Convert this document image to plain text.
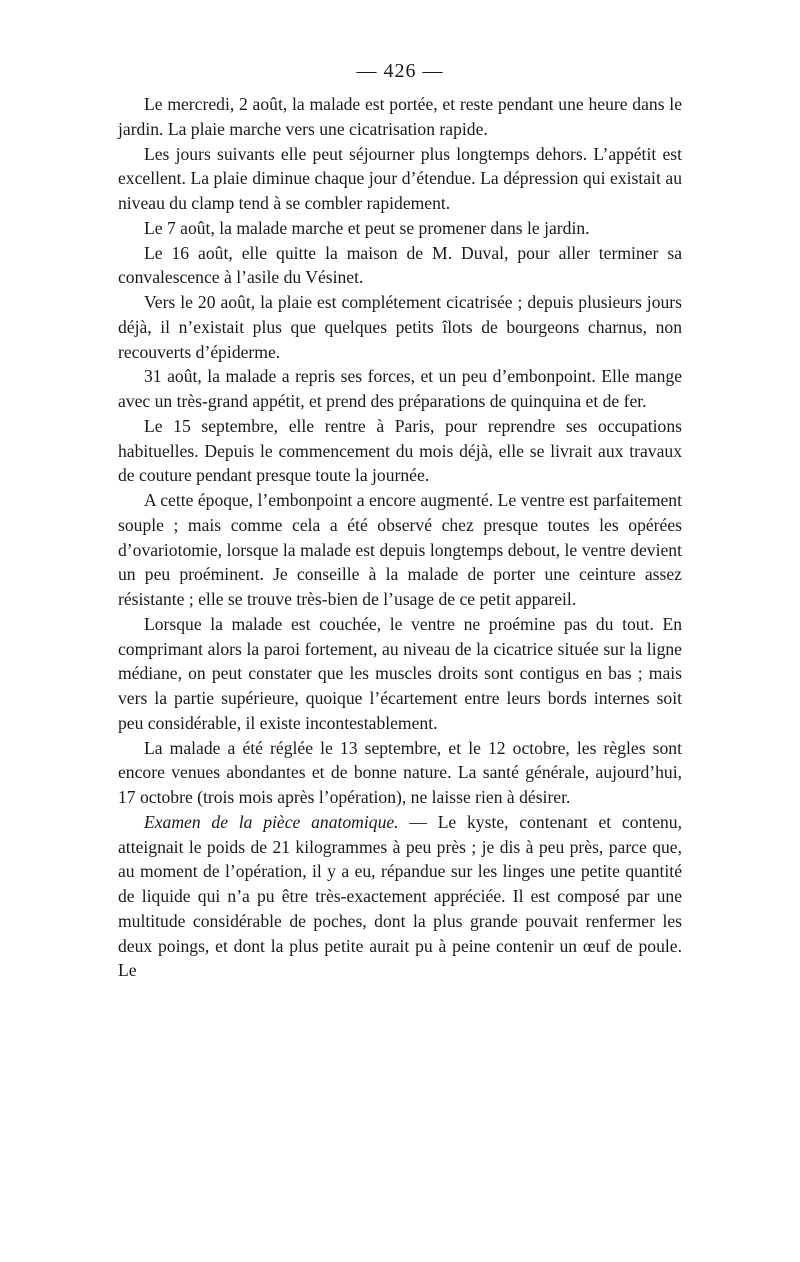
— 426 —

Le mercredi, 2 août, la malade est portée, et reste pendant une heure dans le jardin. La plaie marche vers une cicatrisation rapide.

Les jours suivants elle peut séjourner plus longtemps dehors. L’appétit est excellent. La plaie diminue chaque jour d’étendue. La dépression qui existait au niveau du clamp tend à se combler rapidement.

Le 7 août, la malade marche et peut se promener dans le jardin.

Le 16 août, elle quitte la maison de M. Duval, pour aller terminer sa convalescence à l’asile du Vésinet.

Vers le 20 août, la plaie est complétement cicatrisée ; depuis plusieurs jours déjà, il n’existait plus que quelques petits îlots de bourgeons charnus, non recouverts d’épiderme.

31 août, la malade a repris ses forces, et un peu d’embonpoint. Elle mange avec un très-grand appétit, et prend des préparations de quinquina et de fer.

Le 15 septembre, elle rentre à Paris, pour reprendre ses occupations habituelles. Depuis le commencement du mois déjà, elle se livrait aux travaux de couture pendant presque toute la journée.

A cette époque, l’embonpoint a encore augmenté. Le ventre est parfaitement souple ; mais comme cela a été observé chez presque toutes les opérées d’ovariotomie, lorsque la malade est depuis longtemps debout, le ventre devient un peu proéminent. Je conseille à la malade de porter une ceinture assez résistante ; elle se trouve très-bien de l’usage de ce petit appareil.

Lorsque la malade est couchée, le ventre ne proémine pas du tout. En comprimant alors la paroi fortement, au niveau de la cicatrice située sur la ligne médiane, on peut constater que les muscles droits sont contigus en bas ; mais vers la partie supérieure, quoique l’écartement entre leurs bords internes soit peu considérable, il existe incontestablement.

La malade a été réglée le 13 septembre, et le 12 octobre, les règles sont encore venues abondantes et de bonne nature. La santé générale, aujourd’hui, 17 octobre (trois mois après l’opération), ne laisse rien à désirer.

Examen de la pièce anatomique. — Le kyste, contenant et contenu, atteignait le poids de 21 kilogrammes à peu près ; je dis à peu près, parce que, au moment de l’opération, il y a eu, répandue sur les linges une petite quantité de liquide qui n’a pu être très-exactement appréciée. Il est composé par une multitude considérable de poches, dont la plus grande pouvait renfermer les deux poings, et dont la plus petite aurait pu à peine contenir un œuf de poule. Le
